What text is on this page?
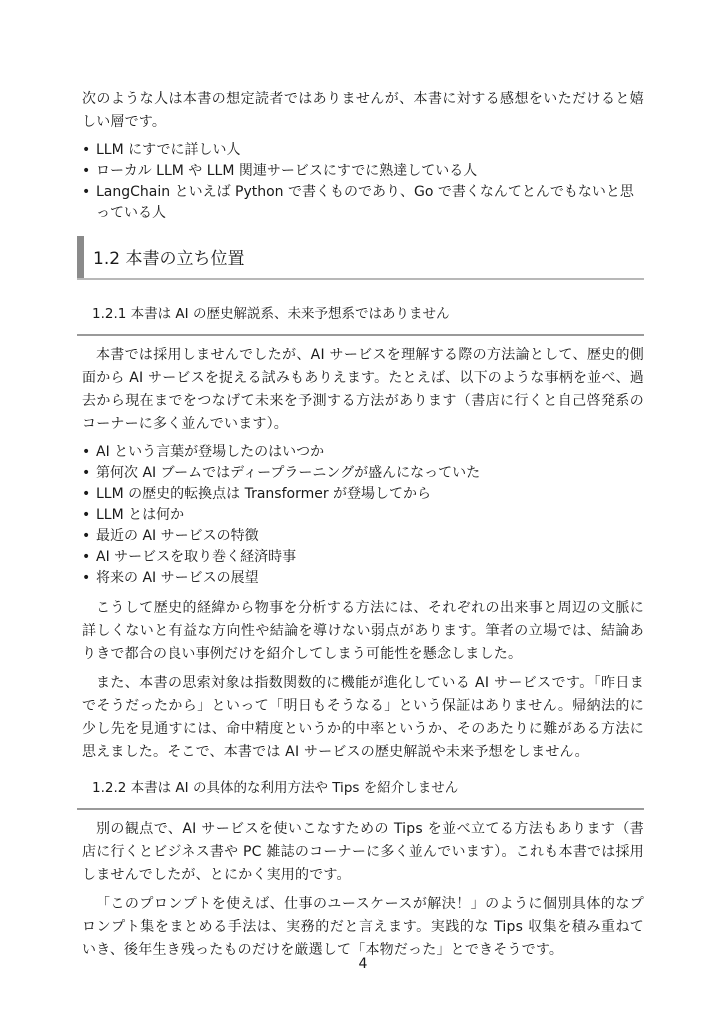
次のような人は本書の想定読者ではありませんが、本書に対する感想をいただけると嬉しい層です。

• LLM にすでに詳しい人
• ローカル LLM や LLM 関連サービスにすでに熟達している人
• LangChain といえば Python で書くものであり、Go で書くなんてとんでもないと思っている人
1.2 本書の立ち位置
1.2.1 本書は AI の歴史解説系、未来予想系ではありません

本書では採用しませんでしたが、AI サービスを理解する際の方法論として、歴史的側面から AI サービスを捉える試みもありえます。たとえば、以下のような事柄を並べ、過去から現在までをつなげて未来を予測する方法があります（書店に行くと自己啓発系のコーナーに多く並んでいます）。

• AI という言葉が登場したのはいつか
• 第何次 AI ブームではディープラーニングが盛んになっていた
• LLM の歴史的転換点は Transformer が登場してから
• LLM とは何か
• 最近の AI サービスの特徴
• AI サービスを取り巻く経済時事
• 将来の AI サービスの展望

こうして歴史的経緯から物事を分析する方法には、それぞれの出来事と周辺の文脈に詳しくないと有益な方向性や結論を導けない弱点があります。筆者の立場では、結論ありきで都合の良い事例だけを紹介してしまう可能性を懸念しました。

また、本書の思索対象は指数関数的に機能が進化している AI サービスです。「昨日までそうだったから」といって「明日もそうなる」という保証はありません。帰納法的に少し先を見通すには、命中精度というか的中率というか、そのあたりに難がある方法に思えました。そこで、本書では AI サービスの歴史解説や未来予想をしません。

1.2.2 本書は AI の具体的な利用方法や Tips を紹介しません

別の観点で、AI サービスを使いこなすための Tips を並べ立てる方法もあります（書店に行くとビジネス書や PC 雑誌のコーナーに多く並んでいます）。これも本書では採用しませんでしたが、とにかく実用的です。

「このプロンプトを使えば、仕事のユースケースが解決！」のように個別具体的なプロンプト集をまとめる手法は、実務的だと言えます。実践的な Tips 収集を積み重ねていき、後年生き残ったものだけを厳選して「本物だった」とできそうです。

4
